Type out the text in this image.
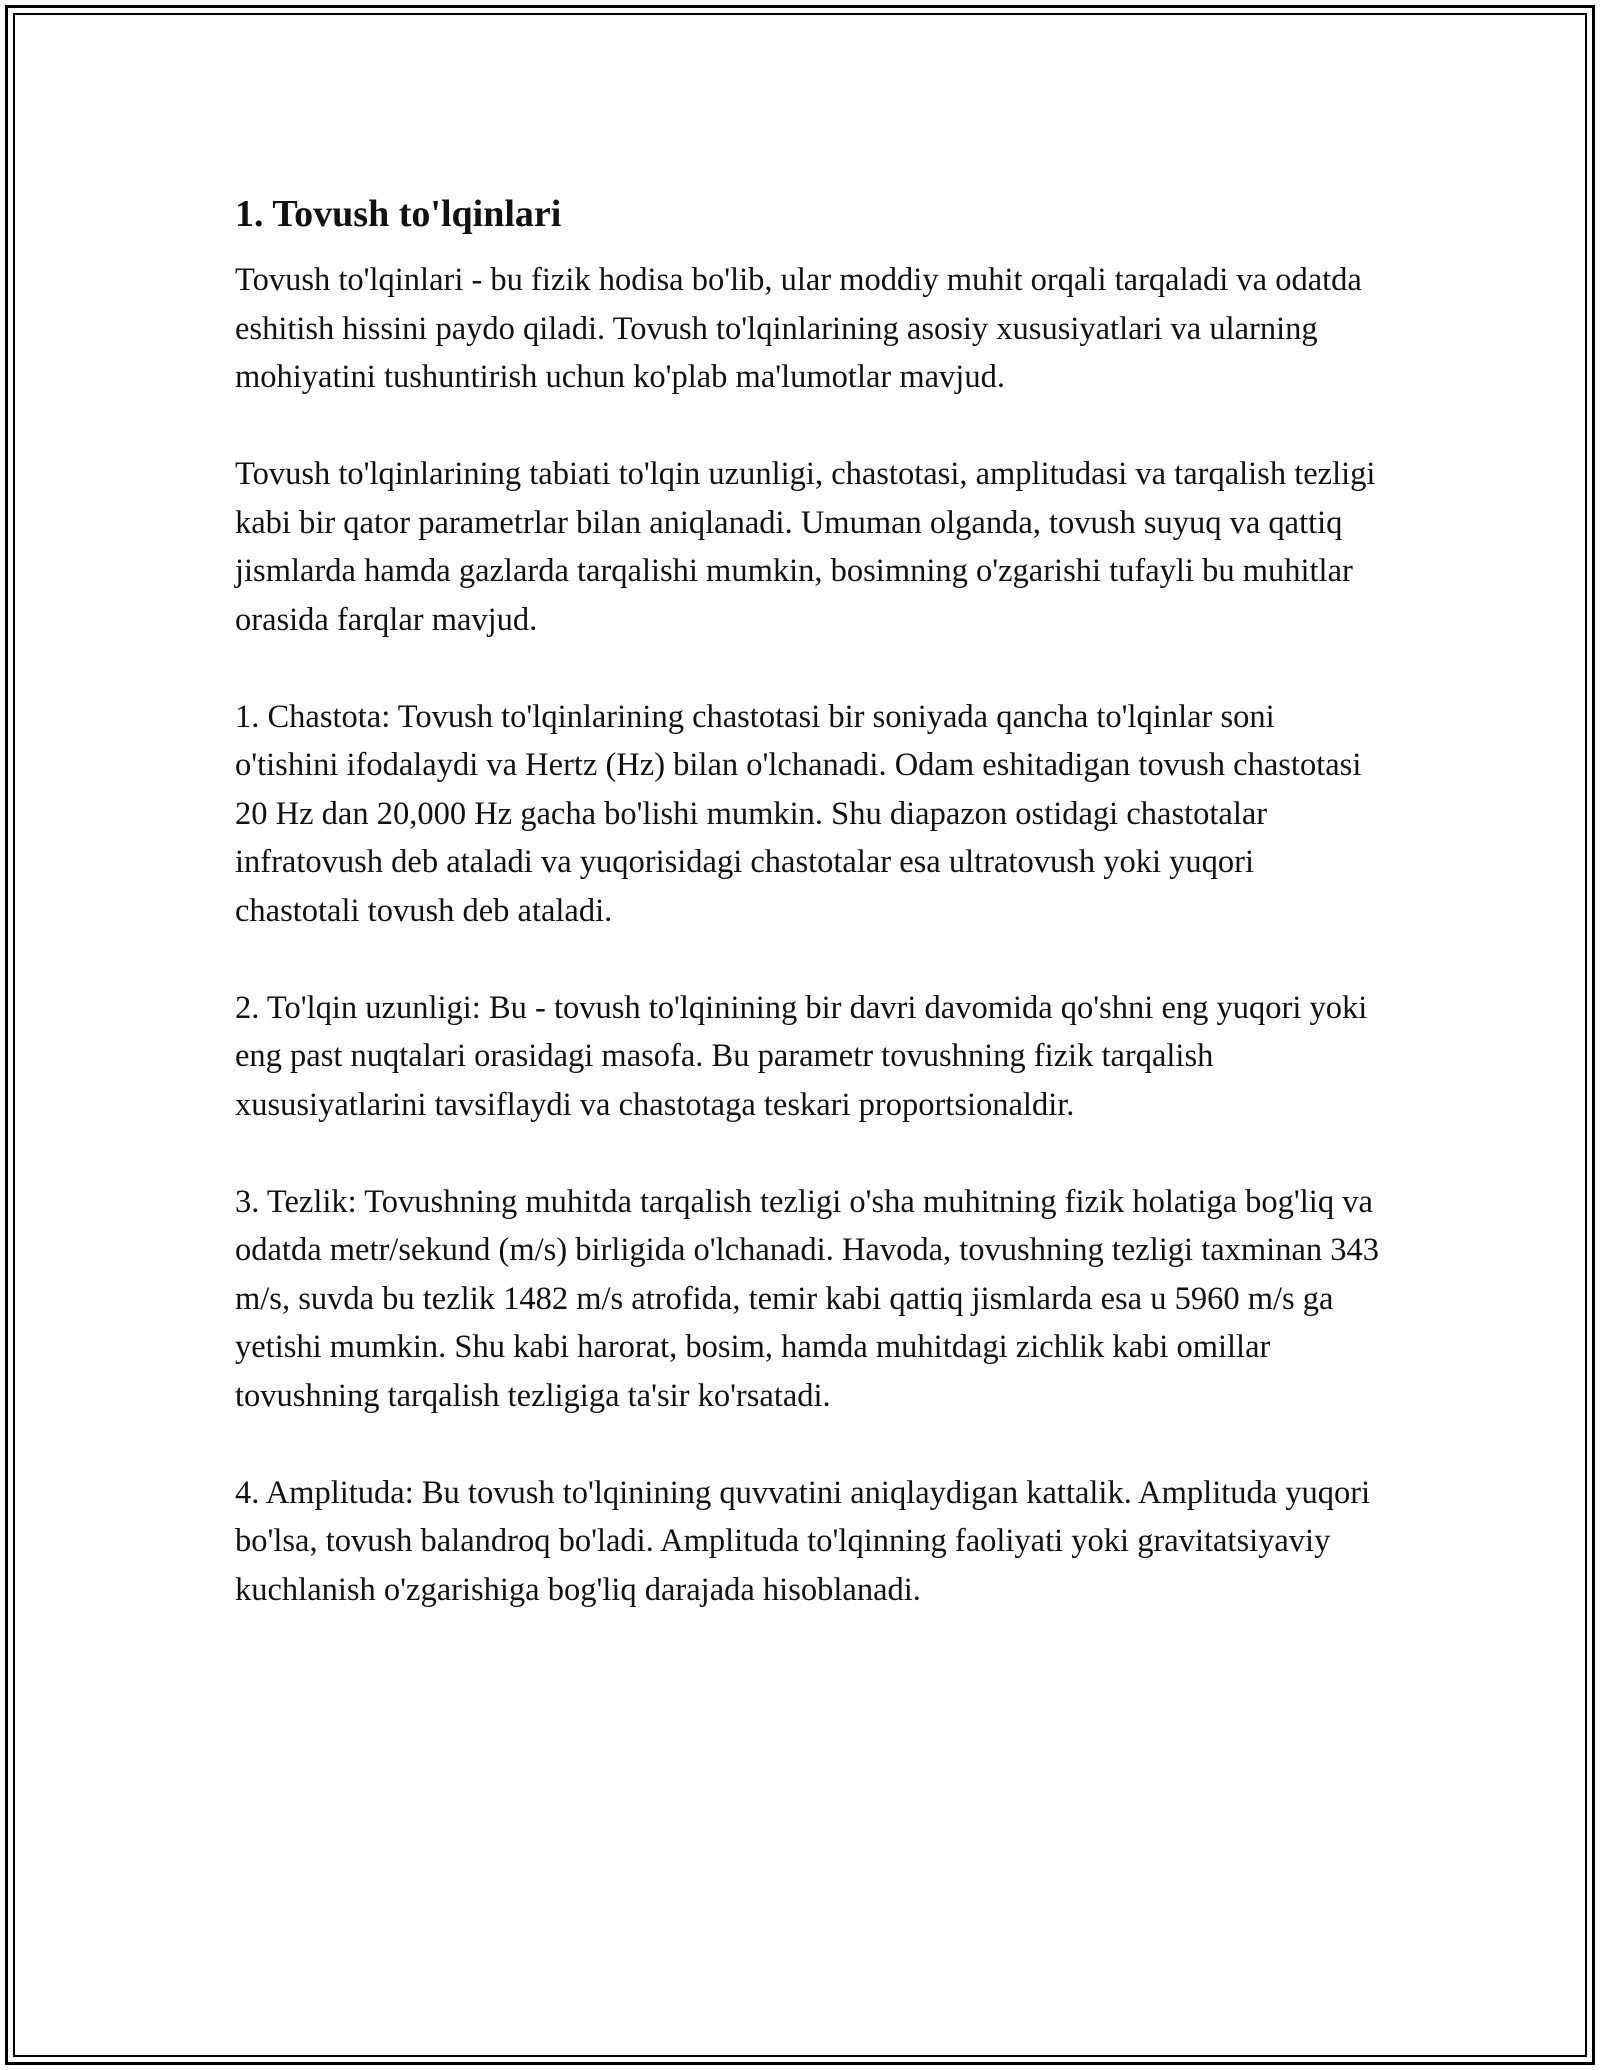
1. Tovush to'lqinlari

Tovush to'lqinlari - bu fizik hodisa bo'lib, ular moddiy muhit orqali tarqaladi va odatda eshitish hissini paydo qiladi. Tovush to'lqinlarining asosiy xususiyatlari va ularning mohiyatini tushuntirish uchun ko'plab ma'lumotlar mavjud.

Tovush to'lqinlarining tabiati to'lqin uzunligi, chastotasi, amplitudasi va tarqalish tezligi kabi bir qator parametrlar bilan aniqlanadi. Umuman olganda, tovush suyuq va qattiq jismlarda hamda gazlarda tarqalishi mumkin, bosimning o'zgarishi tufayli bu muhitlar orasida farqlar mavjud.

1. Chastota: Tovush to'lqinlarining chastotasi bir soniyada qancha to'lqinlar soni o'tishini ifodalaydi va Hertz (Hz) bilan o'lchanadi. Odam eshitadigan tovush chastotasi 20 Hz dan 20,000 Hz gacha bo'lishi mumkin. Shu diapazon ostidagi chastotalar infratovush deb ataladi va yuqorisidagi chastotalar esa ultratovush yoki yuqori chastotali tovush deb ataladi.

2. To'lqin uzunligi: Bu - tovush to'lqinining bir davri davomida qo'shni eng yuqori yoki eng past nuqtalari orasidagi masofa. Bu parametr tovushning fizik tarqalish xususiyatlarini tavsiflaydi va chastotaga teskari proportsionaldir.

3. Tezlik: Tovushning muhitda tarqalish tezligi o'sha muhitning fizik holatiga bog'liq va odatda metr/sekund (m/s) birligida o'lchanadi. Havoda, tovushning tezligi taxminan 343 m/s, suvda bu tezlik 1482 m/s atrofida, temir kabi qattiq jismlarda esa u 5960 m/s ga yetishi mumkin. Shu kabi harorat, bosim, hamda muhitdagi zichlik kabi omillar tovushning tarqalish tezligiga ta'sir ko'rsatadi.

4. Amplituda: Bu tovush to'lqinining quvvatini aniqlaydigan kattalik. Amplituda yuqori bo'lsa, tovush balandroq bo'ladi. Amplituda to'lqinning faoliyati yoki gravitatsiyaviy kuchlanish o'zgarishiga bog'liq darajada hisoblanadi.
